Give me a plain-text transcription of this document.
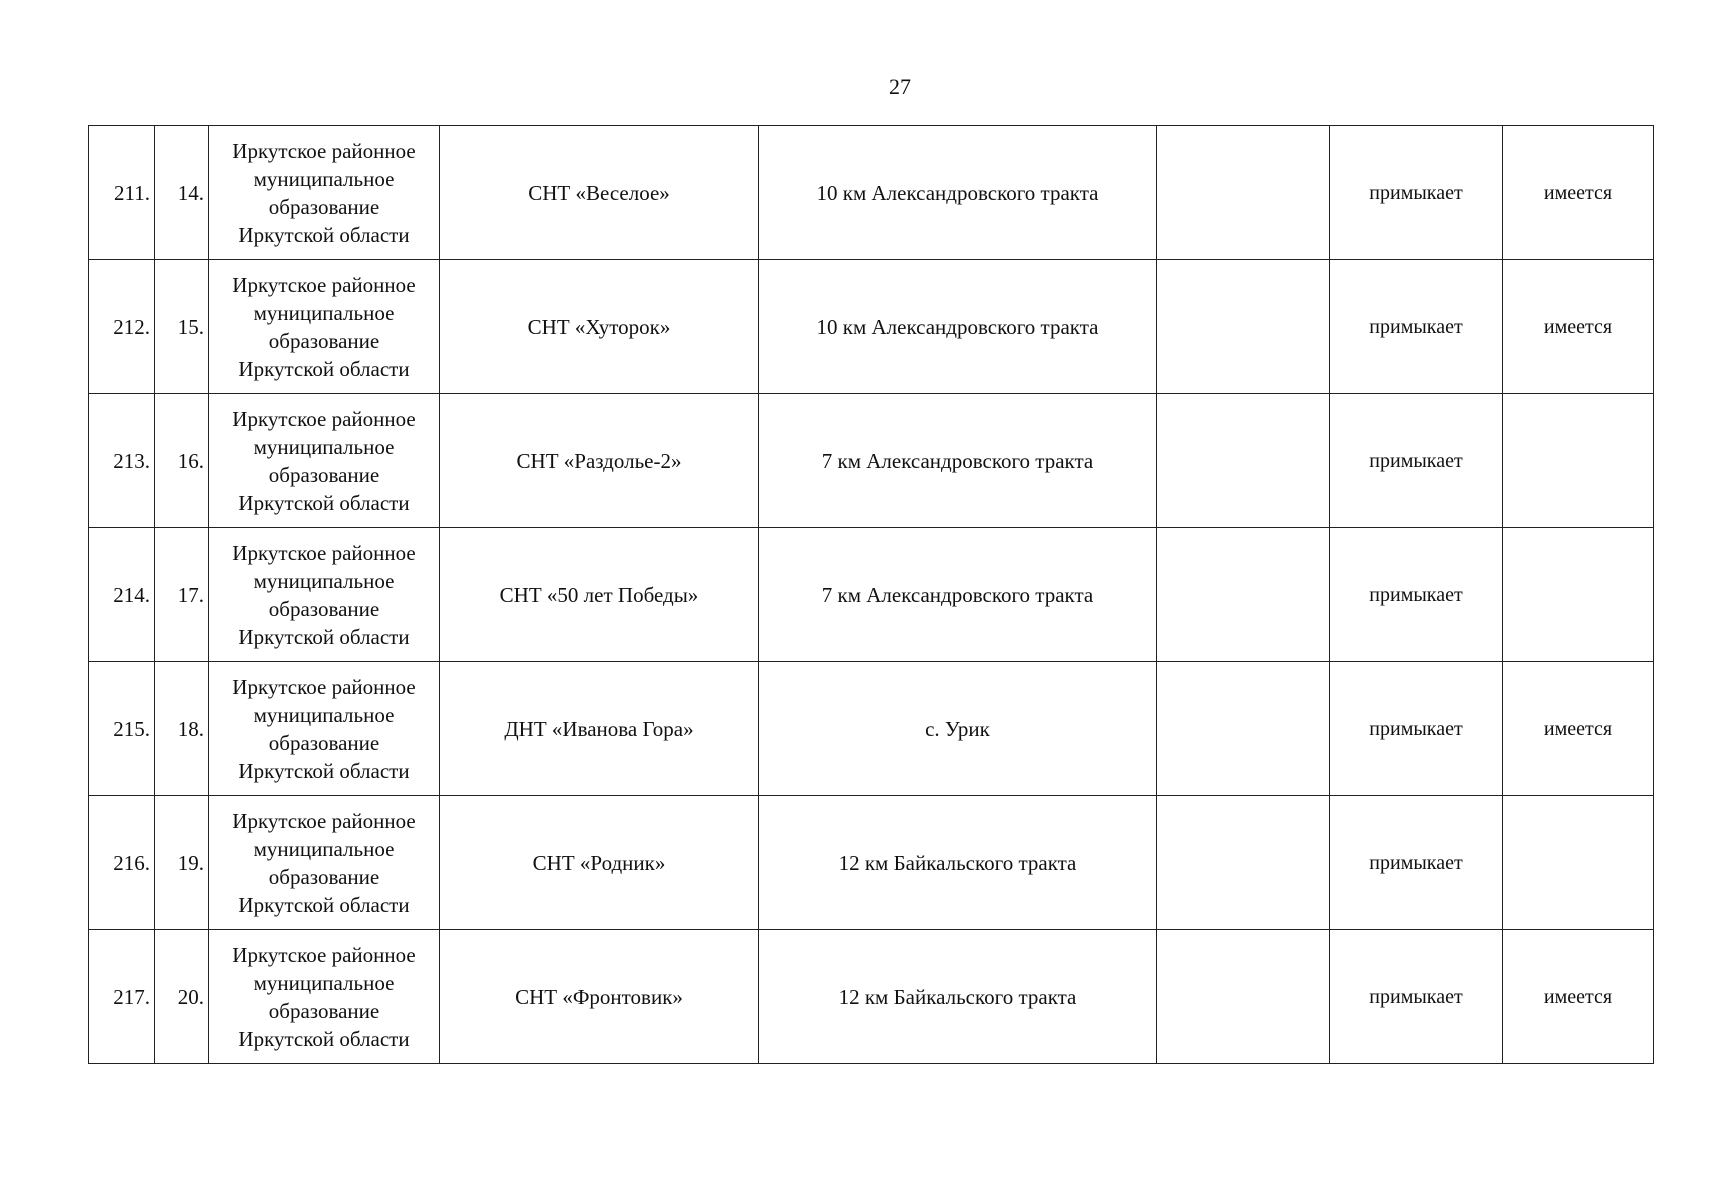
27
211.	14.	Иркутское районное
муниципальное
образование
Иркутской области	СНТ «Веселое»	10 км Александровского тракта		примыкает	имеется
212.	15.	Иркутское районное
муниципальное
образование
Иркутской области	СНТ «Хуторок»	10 км Александровского тракта		примыкает	имеется
213.	16.	Иркутское районное
муниципальное
образование
Иркутской области	СНТ «Раздолье-2»	7 км Александровского тракта		примыкает	
214.	17.	Иркутское районное
муниципальное
образование
Иркутской области	СНТ «50 лет Победы»	7 км Александровского тракта		примыкает	
215.	18.	Иркутское районное
муниципальное
образование
Иркутской области	ДНТ «Иванова Гора»	с. Урик		примыкает	имеется
216.	19.	Иркутское районное
муниципальное
образование
Иркутской области	СНТ «Родник»	12 км Байкальского тракта		примыкает	
217.	20.	Иркутское районное
муниципальное
образование
Иркутской области	СНТ «Фронтовик»	12 км Байкальского тракта		примыкает	имеется
